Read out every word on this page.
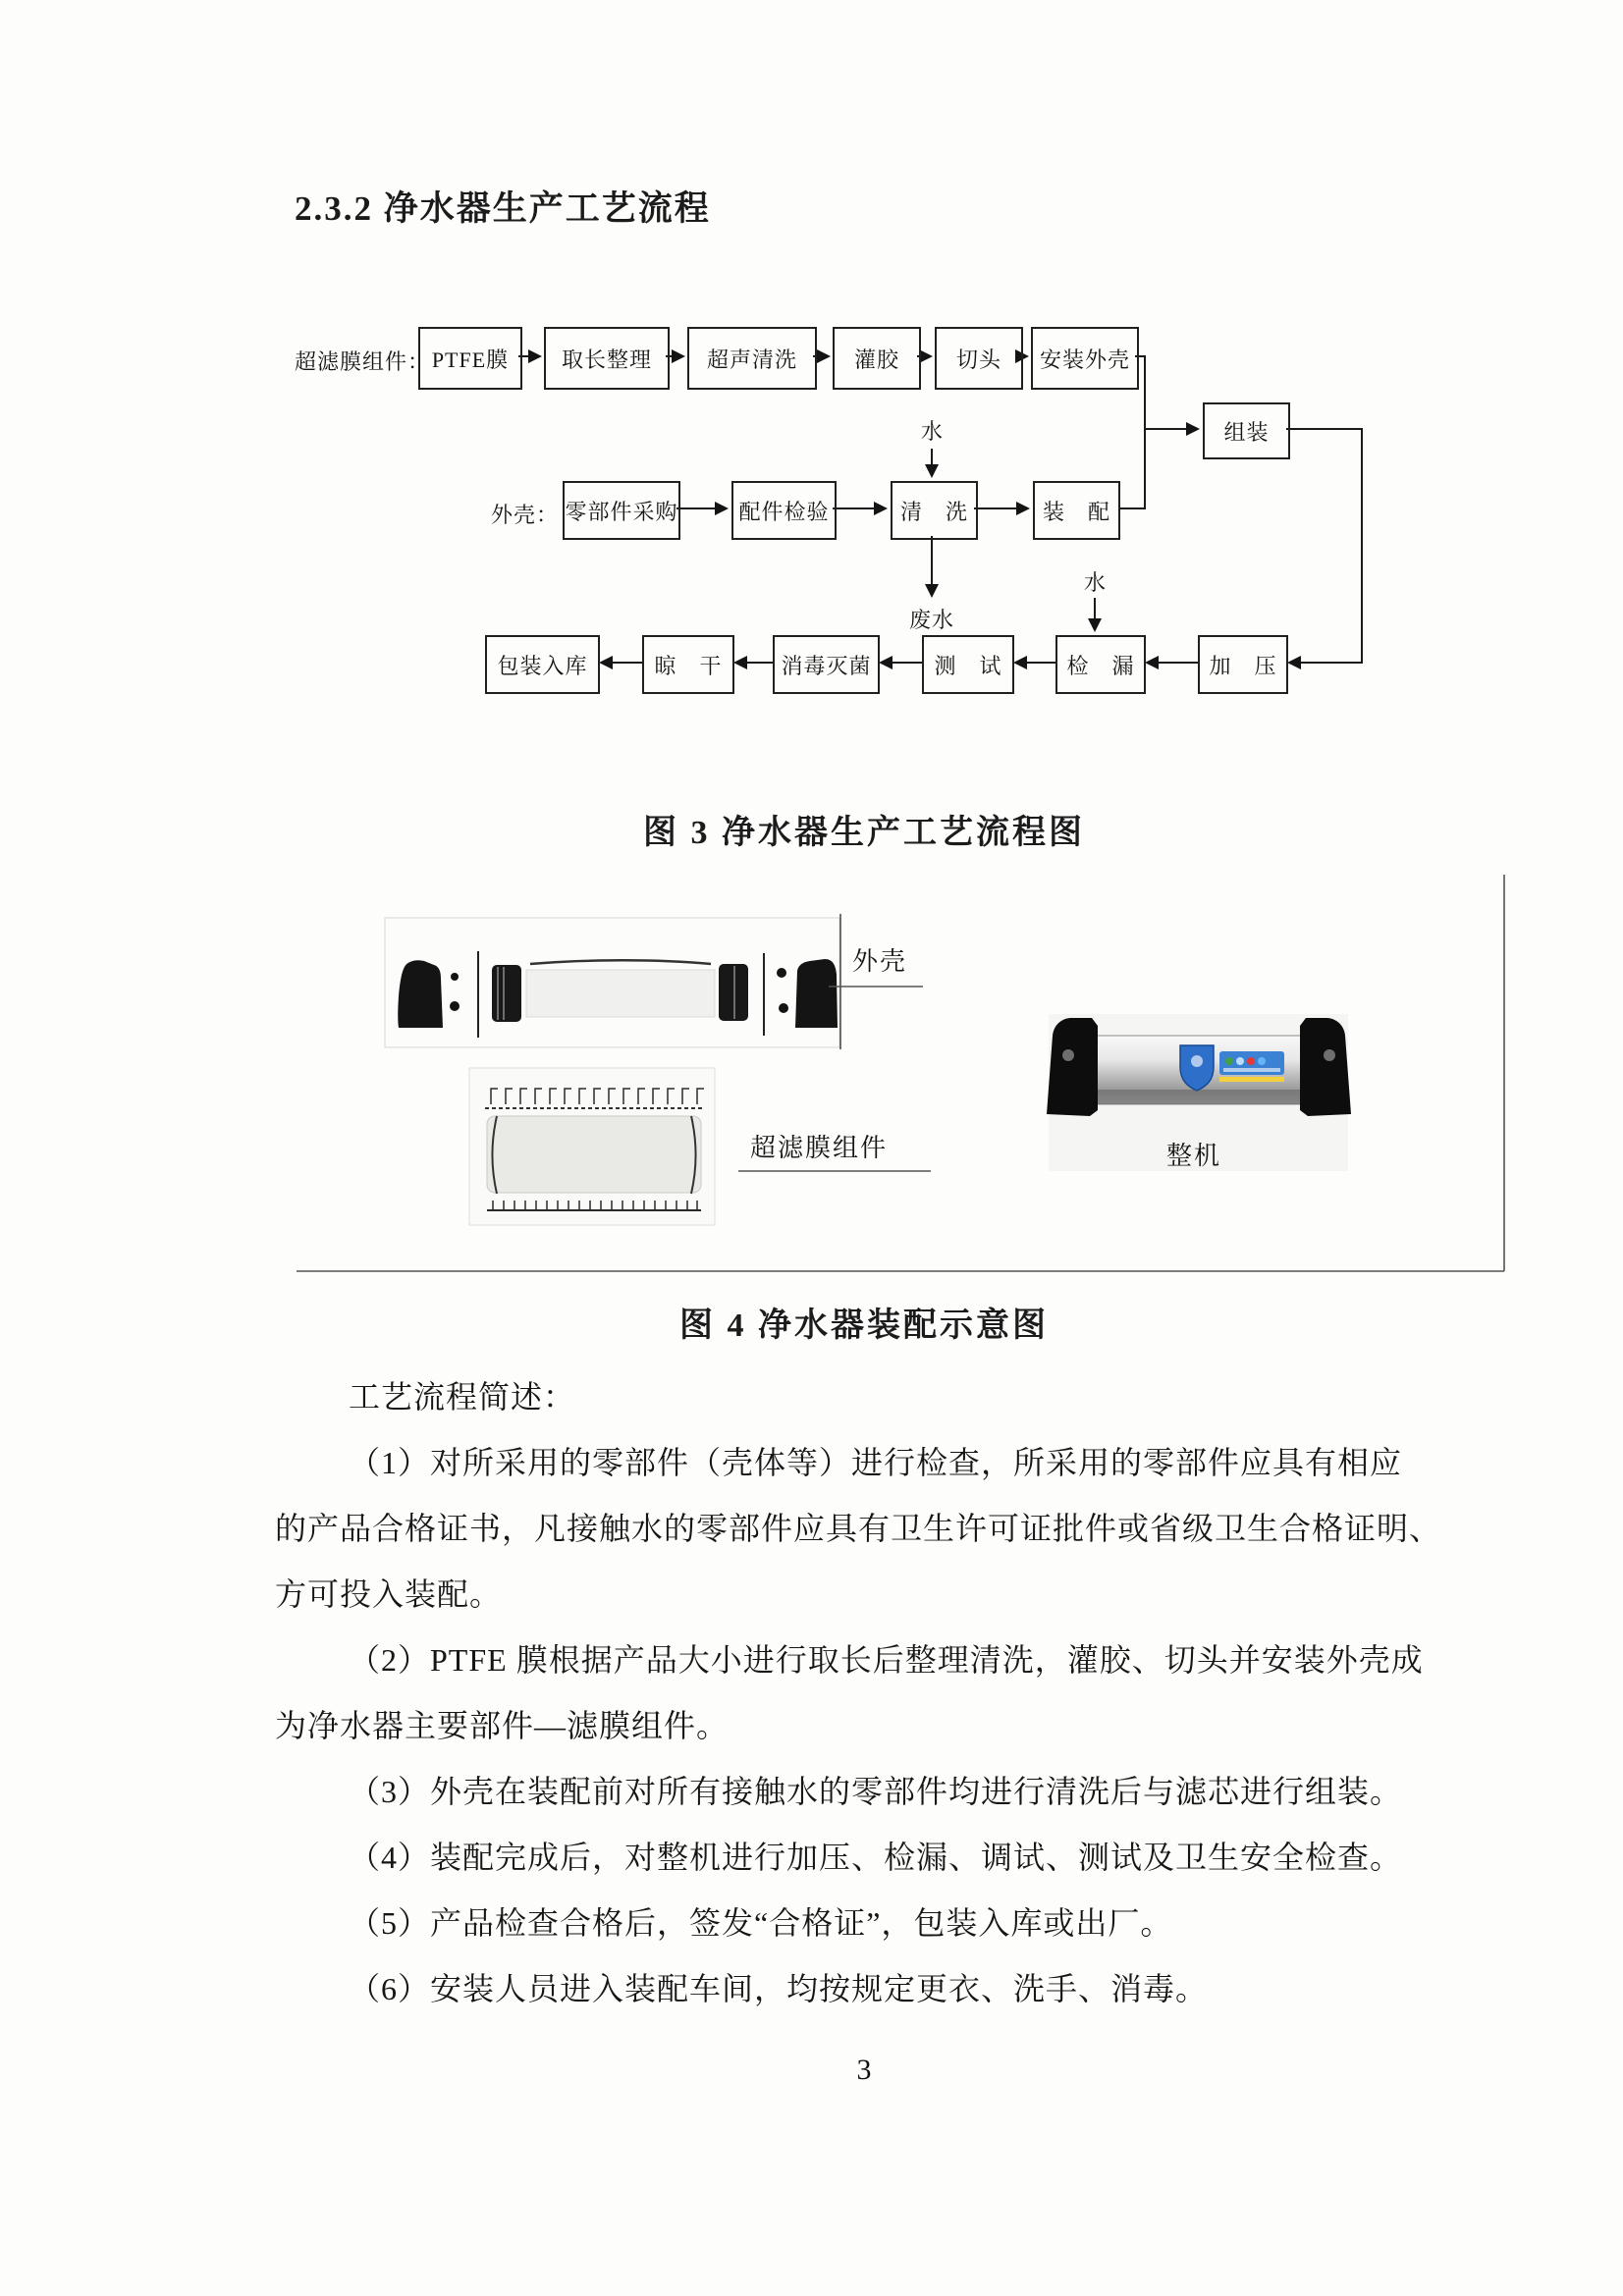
2.3.2 净水器生产工艺流程
超滤膜组件：
外壳：
水
废水
水
PTFE膜	取长整理	超声清洗	灌胶	切头	安装外壳
组装
零部件采购	配件检验	清　洗	装　配
包装入库	晾　干	消毒灭菌	测　试	检　漏	加　压
图 3 净水器生产工艺流程图
外壳
超滤膜组件	整机
图 4 净水器装配示意图
工艺流程简述：
（1）对所采用的零部件（壳体等）进行检查，所采用的零部件应具有相应
的产品合格证书，凡接触水的零部件应具有卫生许可证批件或省级卫生合格证明、
方可投入装配。
（2）PTFE 膜根据产品大小进行取长后整理清洗，灌胶、切头并安装外壳成
为净水器主要部件—滤膜组件。
（3）外壳在装配前对所有接触水的零部件均进行清洗后与滤芯进行组装。
（4）装配完成后，对整机进行加压、检漏、调试、测试及卫生安全检查。
（5）产品检查合格后，签发“合格证”，包装入库或出厂。
（6）安装人员进入装配车间，均按规定更衣、洗手、消毒。
3
